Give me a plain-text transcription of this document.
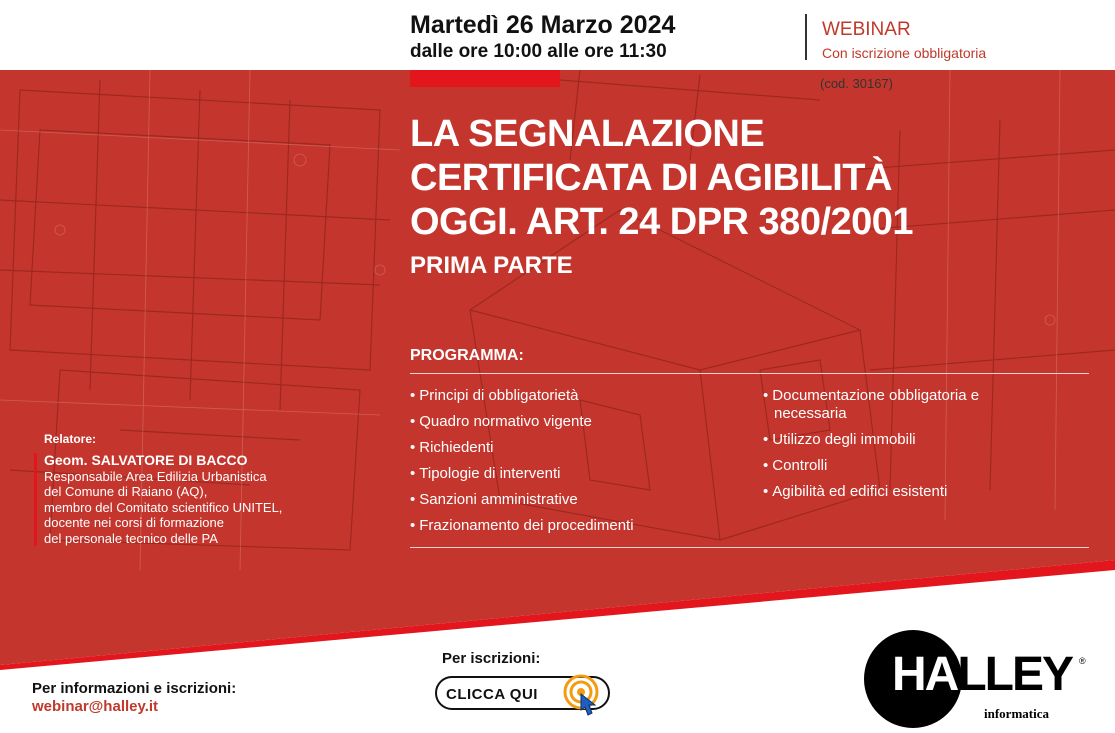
Martedì 26 Marzo 2024
dalle ore 10:00 alle ore 11:30
WEBINAR
Con iscrizione obbligatoria
(cod. 30167)
LA SEGNALAZIONE
CERTIFICATA DI AGIBILITÀ
OGGI. ART. 24 DPR 380/2001
PRIMA PARTE
PROGRAMMA:
• Principi di obbligatorietà
• Quadro normativo vigente
• Richiedenti
• Tipologie di interventi
• Sanzioni amministrative
• Frazionamento dei procedimenti
• Documentazione obbligatoria e necessaria
• Utilizzo degli immobili
• Controlli
• Agibilità ed edifici esistenti
Relatore:
Geom. SALVATORE DI BACCO
Responsabile Area Edilizia Urbanistica
del Comune di Raiano (AQ),
membro del Comitato scientifico UNITEL,
docente nei corsi di formazione
del personale tecnico delle PA
Per informazioni e iscrizioni:
webinar@halley.it
Per iscrizioni:
CLICCA QUI	HALLEY ®
informatica
